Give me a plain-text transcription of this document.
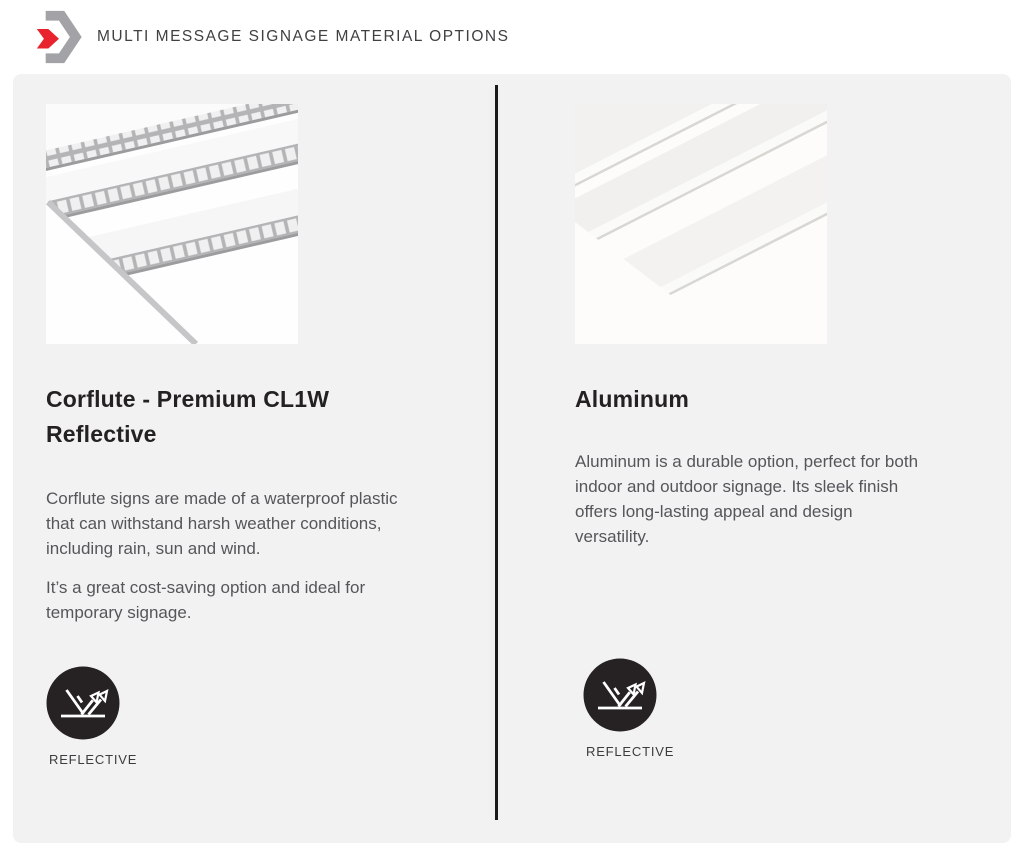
MULTI MESSAGE SIGNAGE MATERIAL OPTIONS
Corflute - Premium CL1W Reflective

Corflute signs are made of a waterproof plastic that can withstand harsh weather conditions, including rain, sun and wind.

It’s a great cost-saving option and ideal for temporary signage.

REFLECTIVE
Aluminum

Aluminum is a durable option, perfect for both indoor and outdoor signage. Its sleek finish offers long-lasting appeal and design versatility.

REFLECTIVE
